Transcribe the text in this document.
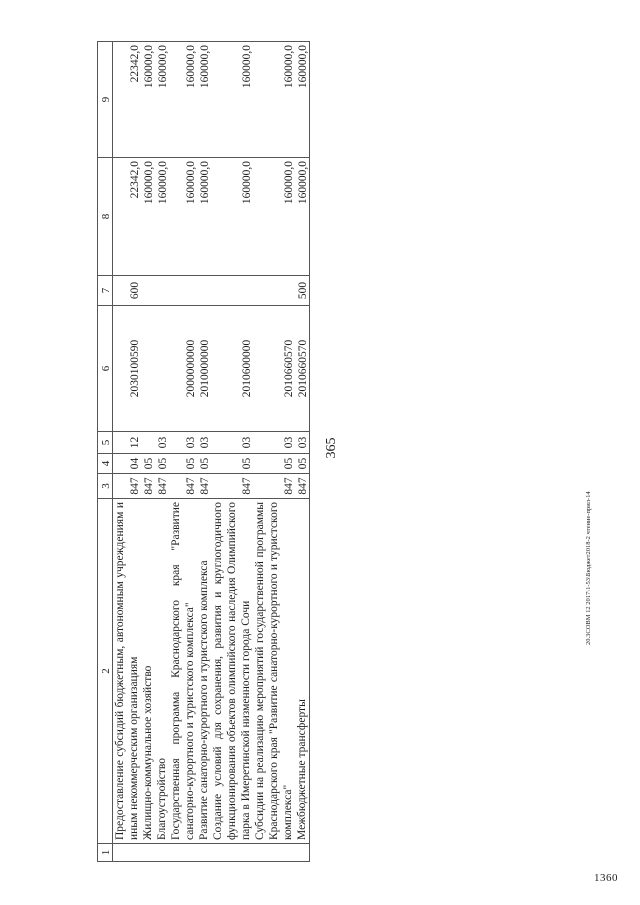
365
20.3СОВМ 12 2017\1-53\Бюджет2018-2 чтение-прил-14
1360
1	2	3	4	5	6	7	8	9
	Предоставление субсидий бюджетным, автономным учреждениям и иным некоммерческим организациям	847	04	12	2030100590	600	22342,0	22342,0
	Жилищно-коммунальное хозяйство	847	05				160000,0	160000,0
	Благоустройство	847	05	03			160000,0	160000,0
	Государственная программа Краснодарского края "Развитие санаторно-курортного и туристского комплекса"	847	05	03	2000000000		160000,0	160000,0
	Развитие санаторно-курортного и туристского комплекса	847	05	03	2010000000		160000,0	160000,0
	Создание условий для сохранения, развития и круглогодичного функционирования объектов олимпийского наследия Олимпийского парка в Имеретинской низменности города Сочи	847	05	03	2010600000		160000,0	160000,0
	Субсидии на реализацию мероприятий государственной программы Краснодарского края "Развитие санаторно-курортного и туристского комплекса"	847	05	03	2010660570		160000,0	160000,0
	Межбюджетные трансферты	847	05	03	2010660570	500	160000,0	160000,0
